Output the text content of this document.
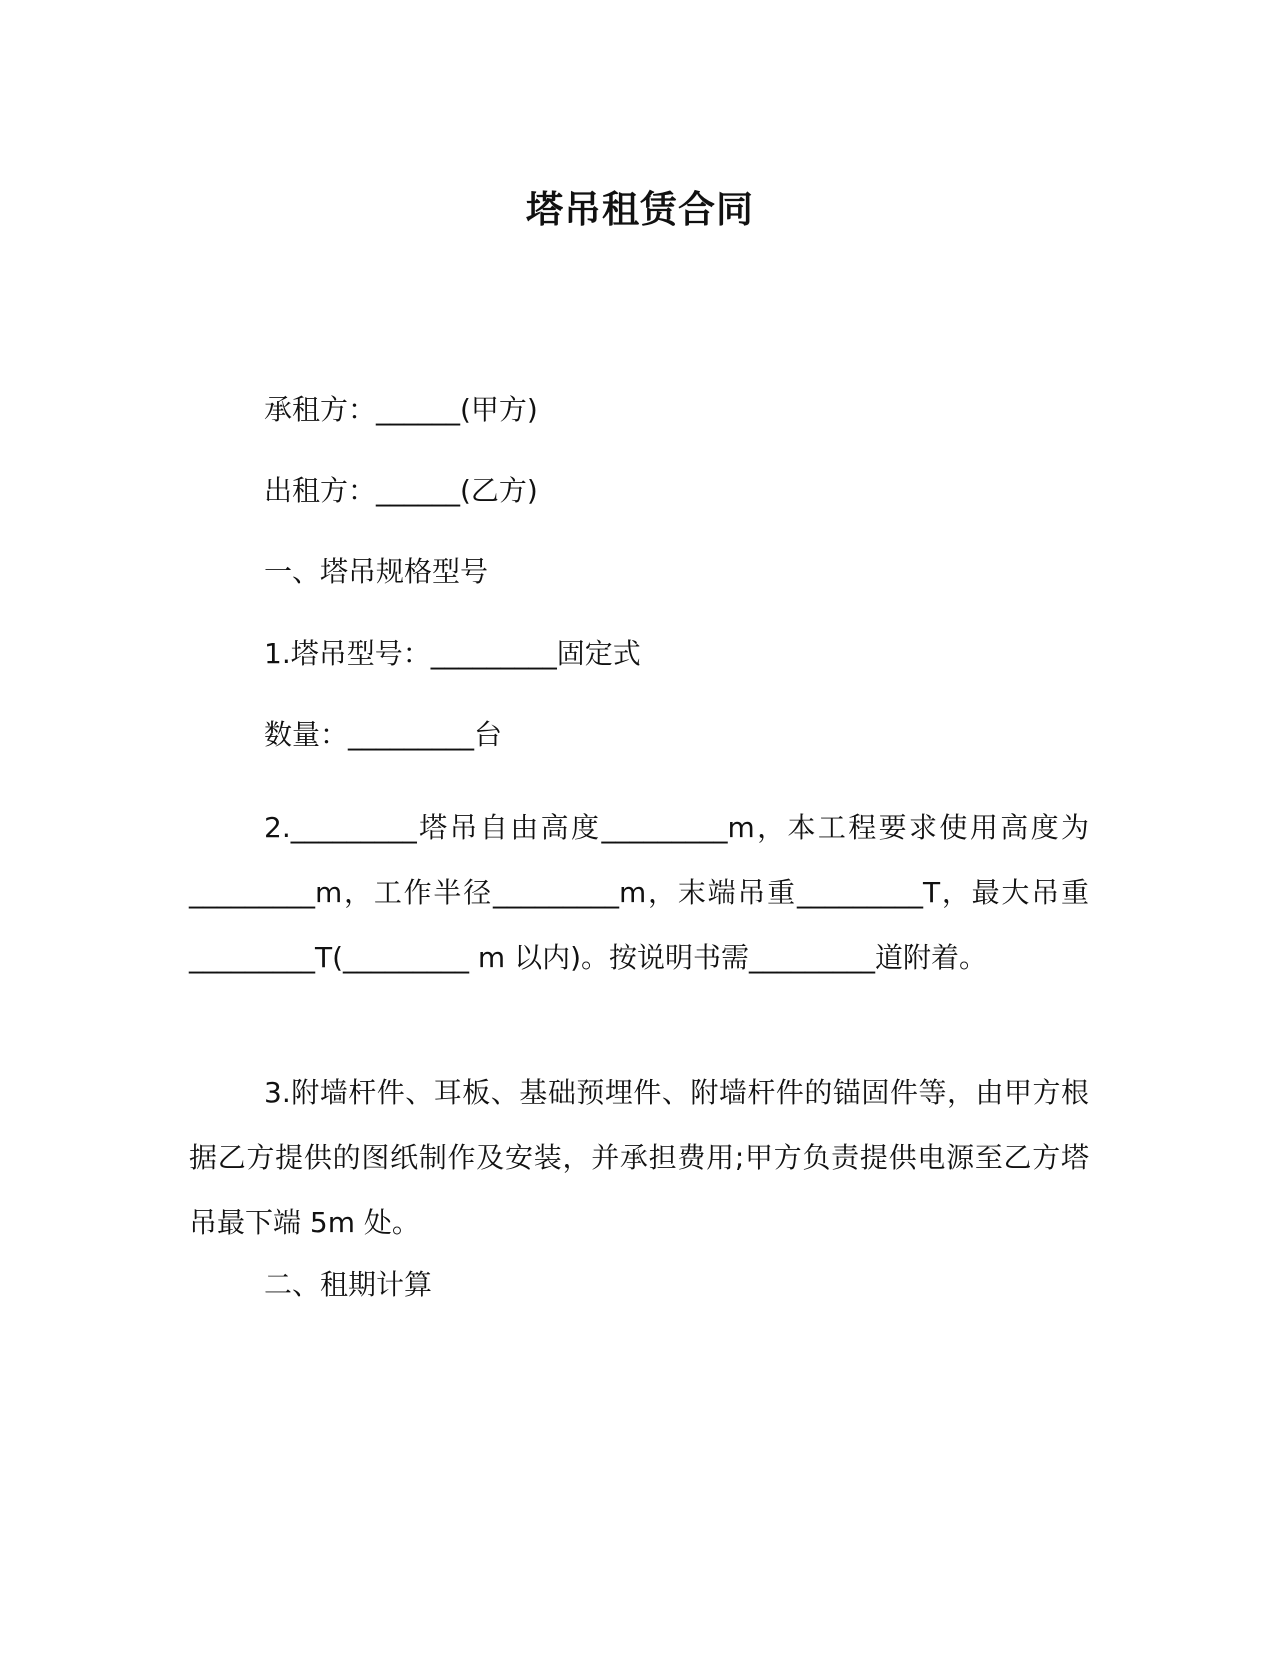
塔吊租赁合同
承租方：______(甲方)
出租方：______(乙方)
一、塔吊规格型号
1.塔吊型号：_________固定式
数量：_________台
2._________塔吊自由高度_________m，本工程要求使用高度为_________m，工作半径_________m，末端吊重_________T，最大吊重_________T(_________ m 以内)。按说明书需_________道附着。
3.附墙杆件、耳板、基础预埋件、附墙杆件的锚固件等，由甲方根据乙方提供的图纸制作及安装，并承担费用;甲方负责提供电源至乙方塔吊最下端 5m 处。
二、租期计算
